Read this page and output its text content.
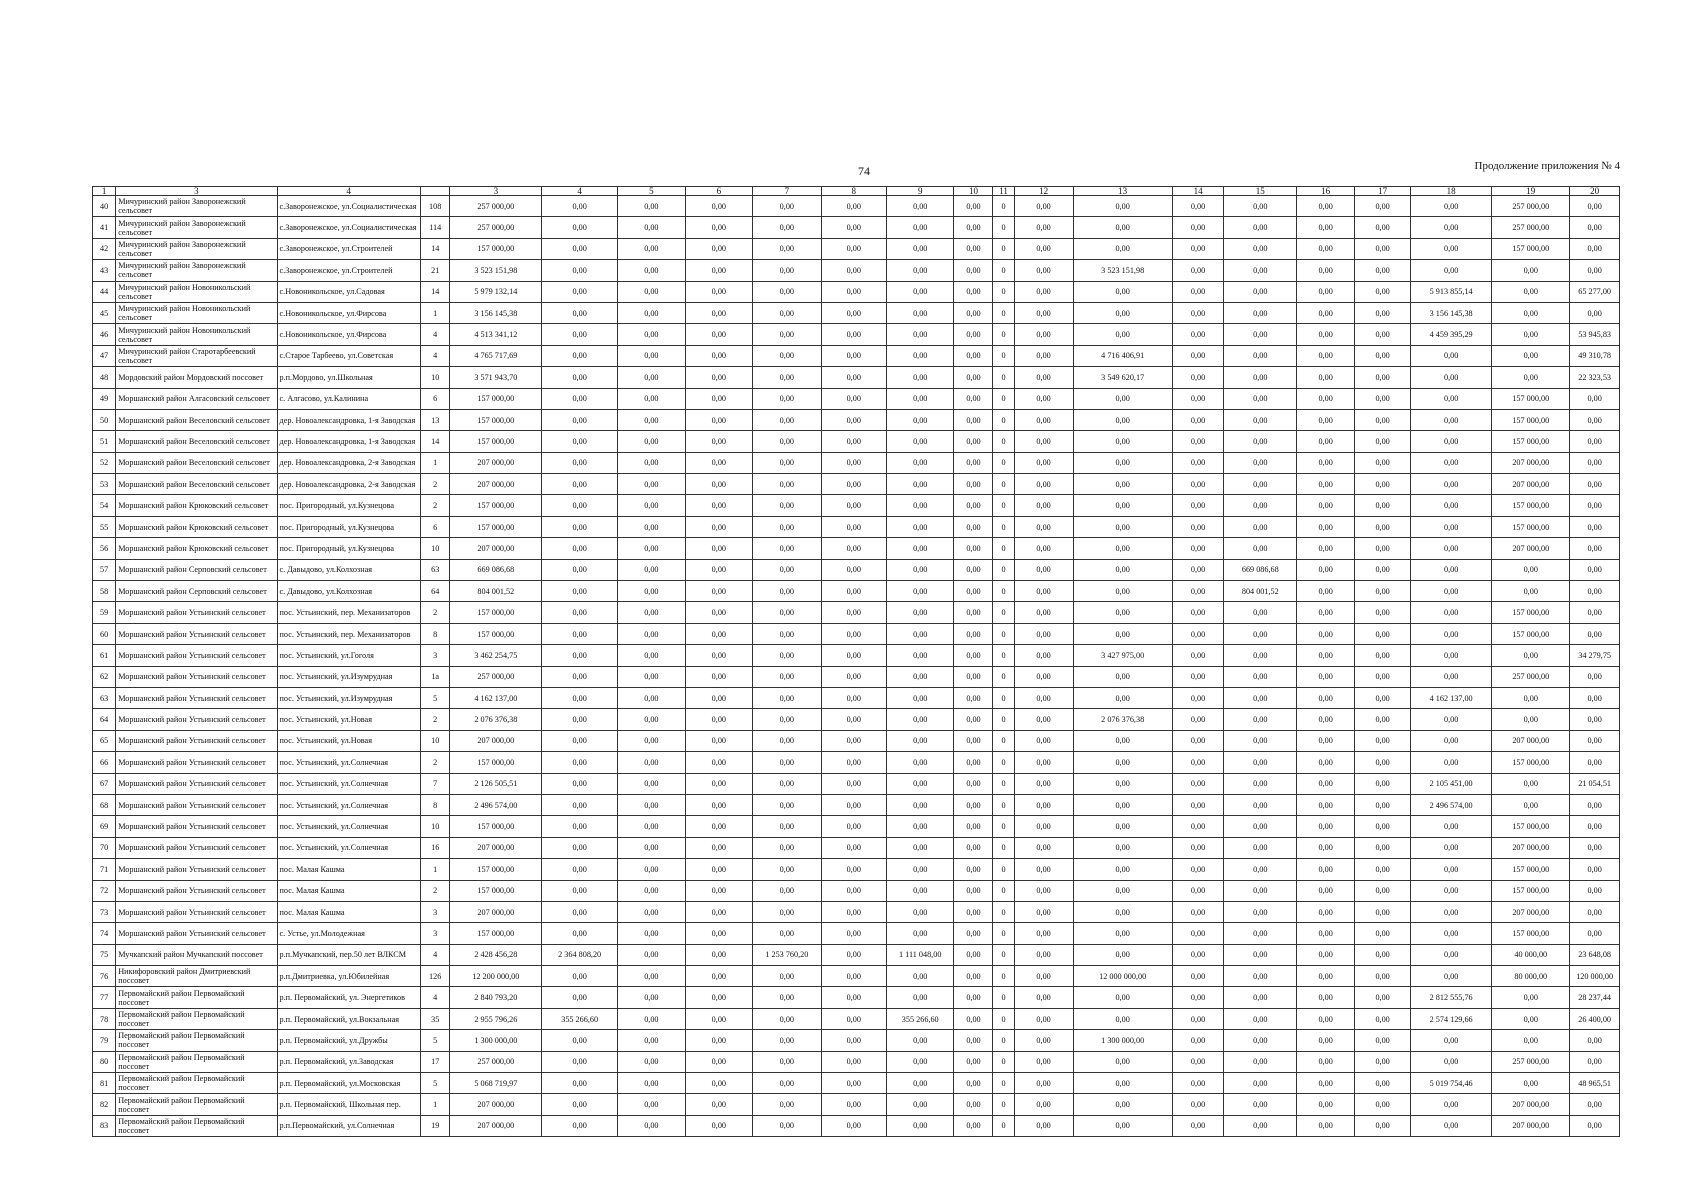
74	Продолжение приложения № 4
1	3	4		3	4	5	6	7	8	9	10	11	12	13	14	15	16	17	18	19	20
40	Мичуринский район Заворонежский сельсовет	с.Заворонежское, ул.Социалистическая	108	257 000,00	0,00	0,00	0,00	0,00	0,00	0,00	0,00	0	0,00	0,00	0,00	0,00	0,00	0,00	0,00	257 000,00	0,00
41	Мичуринский район Заворонежский сельсовет	с.Заворонежское, ул.Социалистическая	114	257 000,00	0,00	0,00	0,00	0,00	0,00	0,00	0,00	0	0,00	0,00	0,00	0,00	0,00	0,00	0,00	257 000,00	0,00
42	Мичуринский район Заворонежский сельсовет	с.Заворонежское, ул.Строителей	14	157 000,00	0,00	0,00	0,00	0,00	0,00	0,00	0,00	0	0,00	0,00	0,00	0,00	0,00	0,00	0,00	157 000,00	0,00
43	Мичуринский район Заворонежский сельсовет	с.Заворонежское, ул.Строителей	21	3 523 151,98	0,00	0,00	0,00	0,00	0,00	0,00	0,00	0	0,00	3 523 151,98	0,00	0,00	0,00	0,00	0,00	0,00	0,00
44	Мичуринский район Новоникольский сельсовет	с.Новоникольское, ул.Садовая	14	5 979 132,14	0,00	0,00	0,00	0,00	0,00	0,00	0,00	0	0,00	0,00	0,00	0,00	0,00	0,00	5 913 855,14	0,00	65 277,00
45	Мичуринский район Новоникольский сельсовет	с.Новоникольское, ул.Фирсова	1	3 156 145,38	0,00	0,00	0,00	0,00	0,00	0,00	0,00	0	0,00	0,00	0,00	0,00	0,00	0,00	3 156 145,38	0,00	0,00
46	Мичуринский район Новоникольский сельсовет	с.Новоникольское, ул.Фирсова	4	4 513 341,12	0,00	0,00	0,00	0,00	0,00	0,00	0,00	0	0,00	0,00	0,00	0,00	0,00	0,00	4 459 395,29	0,00	53 945,83
47	Мичуринский район Старотарбеевский сельсовет	с.Старое Тарбеево, ул.Советская	4	4 765 717,69	0,00	0,00	0,00	0,00	0,00	0,00	0,00	0	0,00	4 716 406,91	0,00	0,00	0,00	0,00	0,00	0,00	49 310,78
48	Мордовский район Мордовский поссовет	р.п.Мордово, ул.Школьная	10	3 571 943,70	0,00	0,00	0,00	0,00	0,00	0,00	0,00	0	0,00	3 549 620,17	0,00	0,00	0,00	0,00	0,00	0,00	22 323,53
49	Моршанский район Алгасовский сельсовет	с. Алгасово, ул.Калинина	6	157 000,00	0,00	0,00	0,00	0,00	0,00	0,00	0,00	0	0,00	0,00	0,00	0,00	0,00	0,00	0,00	157 000,00	0,00
50	Моршанский район Веселовский сельсовет	дер. Новоалександровка, 1-я Заводская	13	157 000,00	0,00	0,00	0,00	0,00	0,00	0,00	0,00	0	0,00	0,00	0,00	0,00	0,00	0,00	0,00	157 000,00	0,00
51	Моршанский район Веселовский сельсовет	дер. Новоалександровка, 1-я Заводская	14	157 000,00	0,00	0,00	0,00	0,00	0,00	0,00	0,00	0	0,00	0,00	0,00	0,00	0,00	0,00	0,00	157 000,00	0,00
52	Моршанский район Веселовский сельсовет	дер. Новоалександровка, 2-я Заводская	1	207 000,00	0,00	0,00	0,00	0,00	0,00	0,00	0,00	0	0,00	0,00	0,00	0,00	0,00	0,00	0,00	207 000,00	0,00
53	Моршанский район Веселовский сельсовет	дер. Новоалександровка, 2-я Заводская	2	207 000,00	0,00	0,00	0,00	0,00	0,00	0,00	0,00	0	0,00	0,00	0,00	0,00	0,00	0,00	0,00	207 000,00	0,00
54	Моршанский район Крюковский сельсовет	пос. Пригородный, ул.Кузнецова	2	157 000,00	0,00	0,00	0,00	0,00	0,00	0,00	0,00	0	0,00	0,00	0,00	0,00	0,00	0,00	0,00	157 000,00	0,00
55	Моршанский район Крюковский сельсовет	пос. Пригородный, ул.Кузнецова	6	157 000,00	0,00	0,00	0,00	0,00	0,00	0,00	0,00	0	0,00	0,00	0,00	0,00	0,00	0,00	0,00	157 000,00	0,00
56	Моршанский район Крюковский сельсовет	пос. Пригородный, ул.Кузнецова	10	207 000,00	0,00	0,00	0,00	0,00	0,00	0,00	0,00	0	0,00	0,00	0,00	0,00	0,00	0,00	0,00	207 000,00	0,00
57	Моршанский район Серповский сельсовет	с. Давыдово, ул.Колхозная	63	669 086,68	0,00	0,00	0,00	0,00	0,00	0,00	0,00	0	0,00	0,00	0,00	669 086,68	0,00	0,00	0,00	0,00	0,00
58	Моршанский район Серповский сельсовет	с. Давыдово, ул.Колхозная	64	804 001,52	0,00	0,00	0,00	0,00	0,00	0,00	0,00	0	0,00	0,00	0,00	804 001,52	0,00	0,00	0,00	0,00	0,00
59	Моршанский район Устьинский сельсовет	пос. Устьинский, пер. Механизаторов	2	157 000,00	0,00	0,00	0,00	0,00	0,00	0,00	0,00	0	0,00	0,00	0,00	0,00	0,00	0,00	0,00	157 000,00	0,00
60	Моршанский район Устьинский сельсовет	пос. Устьинский, пер. Механизаторов	8	157 000,00	0,00	0,00	0,00	0,00	0,00	0,00	0,00	0	0,00	0,00	0,00	0,00	0,00	0,00	0,00	157 000,00	0,00
61	Моршанский район Устьинский сельсовет	пос. Устьинский, ул.Гоголя	3	3 462 254,75	0,00	0,00	0,00	0,00	0,00	0,00	0,00	0	0,00	3 427 975,00	0,00	0,00	0,00	0,00	0,00	0,00	34 279,75
62	Моршанский район Устьинский сельсовет	пос. Устьинский, ул.Изумрудная	1а	257 000,00	0,00	0,00	0,00	0,00	0,00	0,00	0,00	0	0,00	0,00	0,00	0,00	0,00	0,00	0,00	257 000,00	0,00
63	Моршанский район Устьинский сельсовет	пос. Устьинский, ул.Изумрудная	5	4 162 137,00	0,00	0,00	0,00	0,00	0,00	0,00	0,00	0	0,00	0,00	0,00	0,00	0,00	0,00	4 162 137,00	0,00	0,00
64	Моршанский район Устьинский сельсовет	пос. Устьинский, ул.Новая	2	2 076 376,38	0,00	0,00	0,00	0,00	0,00	0,00	0,00	0	0,00	2 076 376,38	0,00	0,00	0,00	0,00	0,00	0,00	0,00
65	Моршанский район Устьинский сельсовет	пос. Устьинский, ул.Новая	10	207 000,00	0,00	0,00	0,00	0,00	0,00	0,00	0,00	0	0,00	0,00	0,00	0,00	0,00	0,00	0,00	207 000,00	0,00
66	Моршанский район Устьинский сельсовет	пос. Устьинский, ул.Солнечная	2	157 000,00	0,00	0,00	0,00	0,00	0,00	0,00	0,00	0	0,00	0,00	0,00	0,00	0,00	0,00	0,00	157 000,00	0,00
67	Моршанский район Устьинский сельсовет	пос. Устьинский, ул.Солнечная	7	2 126 505,51	0,00	0,00	0,00	0,00	0,00	0,00	0,00	0	0,00	0,00	0,00	0,00	0,00	0,00	2 105 451,00	0,00	21 054,51
68	Моршанский район Устьинский сельсовет	пос. Устьинский, ул.Солнечная	8	2 496 574,00	0,00	0,00	0,00	0,00	0,00	0,00	0,00	0	0,00	0,00	0,00	0,00	0,00	0,00	2 496 574,00	0,00	0,00
69	Моршанский район Устьинский сельсовет	пос. Устьинский, ул.Солнечная	10	157 000,00	0,00	0,00	0,00	0,00	0,00	0,00	0,00	0	0,00	0,00	0,00	0,00	0,00	0,00	0,00	157 000,00	0,00
70	Моршанский район Устьинский сельсовет	пос. Устьинский, ул.Солнечная	16	207 000,00	0,00	0,00	0,00	0,00	0,00	0,00	0,00	0	0,00	0,00	0,00	0,00	0,00	0,00	0,00	207 000,00	0,00
71	Моршанский район Устьинский сельсовет	пос. Малая Кашма	1	157 000,00	0,00	0,00	0,00	0,00	0,00	0,00	0,00	0	0,00	0,00	0,00	0,00	0,00	0,00	0,00	157 000,00	0,00
72	Моршанский район Устьинский сельсовет	пос. Малая Кашма	2	157 000,00	0,00	0,00	0,00	0,00	0,00	0,00	0,00	0	0,00	0,00	0,00	0,00	0,00	0,00	0,00	157 000,00	0,00
73	Моршанский район Устьинский сельсовет	пос. Малая Кашма	3	207 000,00	0,00	0,00	0,00	0,00	0,00	0,00	0,00	0	0,00	0,00	0,00	0,00	0,00	0,00	0,00	207 000,00	0,00
74	Моршанский район Устьинский сельсовет	с. Устье, ул.Молодежная	3	157 000,00	0,00	0,00	0,00	0,00	0,00	0,00	0,00	0	0,00	0,00	0,00	0,00	0,00	0,00	0,00	157 000,00	0,00
75	Мучкапский район Мучкапский поссовет	р.п.Мучкапский, пер.50 лет ВЛКСМ	4	2 428 456,28	2 364 808,20	0,00	0,00	1 253 760,20	0,00	1 111 048,00	0,00	0	0,00	0,00	0,00	0,00	0,00	0,00	0,00	40 000,00	23 648,08
76	Никифоровский район Дмитриевский поссовет	р.п.Дмитриевка, ул.Юбилейная	126	12 200 000,00	0,00	0,00	0,00	0,00	0,00	0,00	0,00	0	0,00	12 000 000,00	0,00	0,00	0,00	0,00	0,00	80 000,00	120 000,00
77	Первомайский район Первомайский поссовет	р.п. Первомайский, ул. Энергетиков	4	2 840 793,20	0,00	0,00	0,00	0,00	0,00	0,00	0,00	0	0,00	0,00	0,00	0,00	0,00	0,00	2 812 555,76	0,00	28 237,44
78	Первомайский район Первомайский поссовет	р.п. Первомайский, ул.Вокзальная	35	2 955 796,26	355 266,60	0,00	0,00	0,00	0,00	355 266,60	0,00	0	0,00	0,00	0,00	0,00	0,00	0,00	2 574 129,66	0,00	26 400,00
79	Первомайский район Первомайский поссовет	р.п. Первомайский, ул.Дружбы	5	1 300 000,00	0,00	0,00	0,00	0,00	0,00	0,00	0,00	0	0,00	1 300 000,00	0,00	0,00	0,00	0,00	0,00	0,00	0,00
80	Первомайский район Первомайский поссовет	р.п. Первомайский, ул.Заводская	17	257 000,00	0,00	0,00	0,00	0,00	0,00	0,00	0,00	0	0,00	0,00	0,00	0,00	0,00	0,00	0,00	257 000,00	0,00
81	Первомайский район Первомайский поссовет	р.п. Первомайский, ул.Московская	5	5 068 719,97	0,00	0,00	0,00	0,00	0,00	0,00	0,00	0	0,00	0,00	0,00	0,00	0,00	0,00	5 019 754,46	0,00	48 965,51
82	Первомайский район Первомайский поссовет	р.п. Первомайский, Школьная пер.	1	207 000,00	0,00	0,00	0,00	0,00	0,00	0,00	0,00	0	0,00	0,00	0,00	0,00	0,00	0,00	0,00	207 000,00	0,00
83	Первомайский район Первомайский поссовет	р.п.Первомайский, ул.Солнечная	19	207 000,00	0,00	0,00	0,00	0,00	0,00	0,00	0,00	0	0,00	0,00	0,00	0,00	0,00	0,00	0,00	207 000,00	0,00
